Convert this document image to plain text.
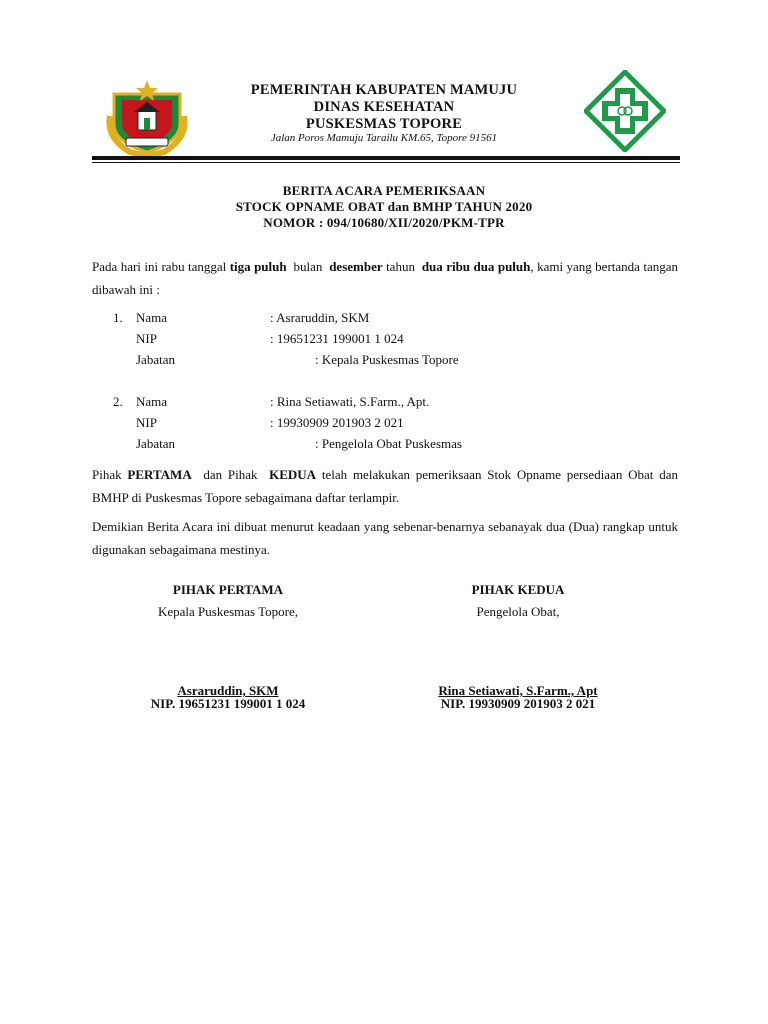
PEMERINTAH KABUPATEN MAMUJU
DINAS KESEHATAN
PUSKESMAS TOPORE
Jalan Poros Mamuju Tarailu KM.65, Topore 91561
BERITA ACARA PEMERIKSAAN
STOCK OPNAME OBAT dan BMHP TAHUN 2020
NOMOR : 094/10680/XII/2020/PKM-TPR
Pada hari ini rabu tanggal tiga puluh  bulan  desember tahun  dua ribu dua puluh, kami yang bertanda tangan dibawah ini :
1. Nama	: Asraruddin, SKM
NIP	: 19651231 199001 1 024
Jabatan	: Kepala Puskesmas Topore
2. Nama	: Rina Setiawati, S.Farm., Apt.
NIP	: 19930909 201903 2 021
Jabatan	: Pengelola Obat Puskesmas
Pihak PERTAMA  dan Pihak  KEDUA telah melakukan pemeriksaan Stok Opname persediaan Obat dan BMHP di Puskesmas Topore sebagaimana daftar terlampir.
Demikian Berita Acara ini dibuat menurut keadaan yang sebenar-benarnya sebanayak dua (Dua) rangkap untuk digunakan sebagaimana mestinya.
PIHAK PERTAMA
Kepala Puskesmas Topore,
Asraruddin, SKM
NIP. 19651231 199001 1 024
PIHAK KEDUA
Pengelola Obat,
Rina Setiawati, S.Farm., Apt
NIP. 19930909 201903 2 021
